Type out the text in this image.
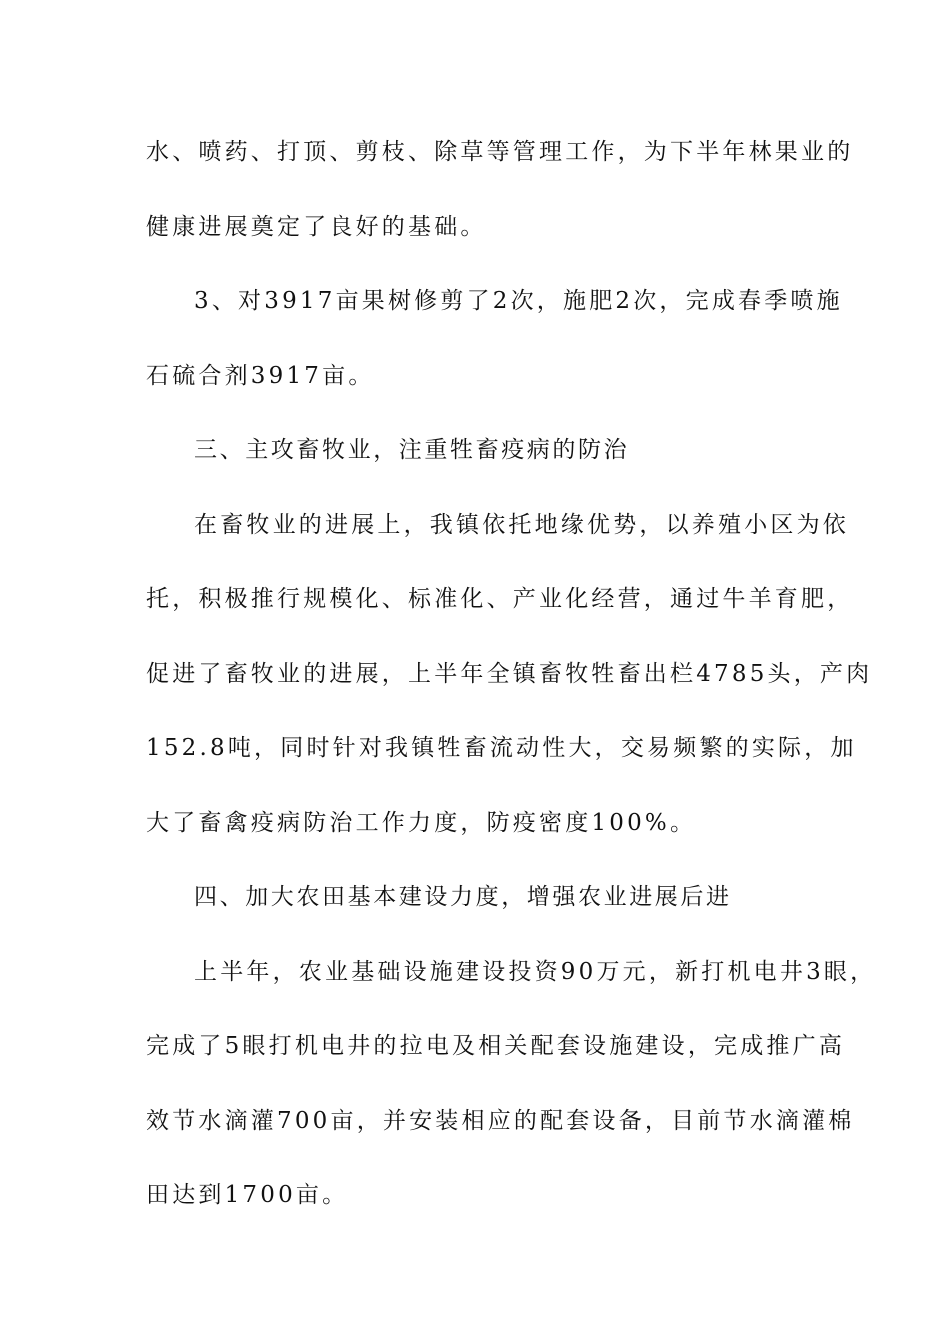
水、喷药、打顶、剪枝、除草等管理工作，为下半年林果业的
健康进展奠定了良好的基础。
3、对3917亩果树修剪了2次，施肥2次，完成春季喷施
石硫合剂3917亩。
三、主攻畜牧业，注重牲畜疫病的防治
在畜牧业的进展上，我镇依托地缘优势，以养殖小区为依
托，积极推行规模化、标准化、产业化经营，通过牛羊育肥，
促进了畜牧业的进展，上半年全镇畜牧牲畜出栏4785头，产肉
152.8吨，同时针对我镇牲畜流动性大，交易频繁的实际，加
大了畜禽疫病防治工作力度，防疫密度100%。
四、加大农田基本建设力度，增强农业进展后进
上半年，农业基础设施建设投资90万元，新打机电井3眼，
完成了5眼打机电井的拉电及相关配套设施建设，完成推广高
效节水滴灌700亩，并安装相应的配套设备，目前节水滴灌棉
田达到1700亩。
